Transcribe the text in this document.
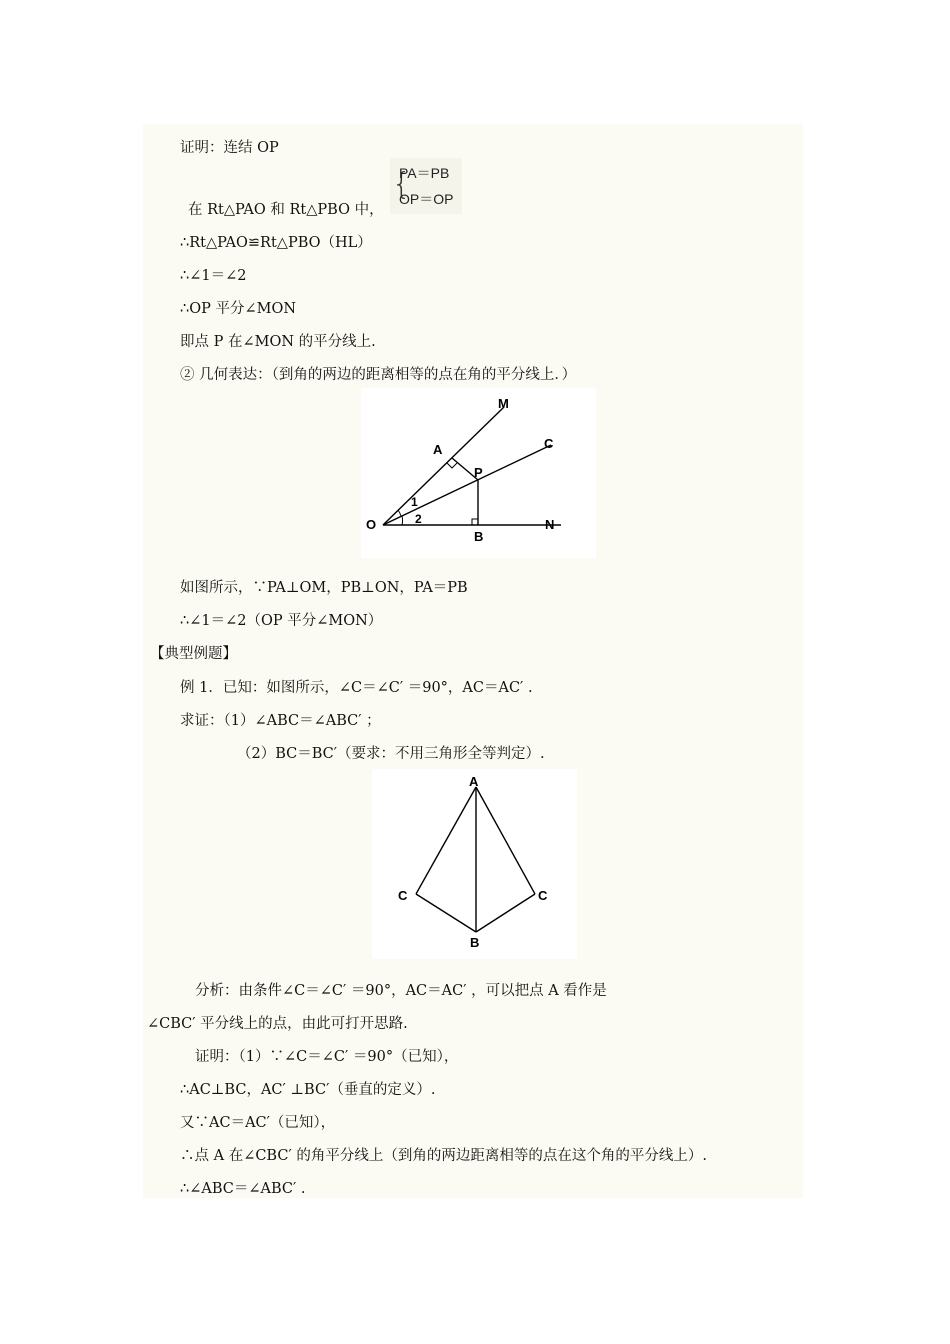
证明：连结 OP
{
PA＝PB
OP＝OP
在 Rt△PAO 和 Rt△PBO 中，
∴Rt△PAO≌Rt△PBO（HL）
∴∠1＝∠2
∴OP 平分∠MON
即点 P 在∠MON 的平分线上.
② 几何表达：（到角的两边的距离相等的点在角的平分线上．）
M
C
A
P
O	N
B
1
2
如图所示，∵PA⊥OM，PB⊥ON，PA＝PB
∴∠1＝∠2（OP 平分∠MON）
【典型例题】
例 1．已知：如图所示，∠C＝∠C′ ＝90°，AC＝AC′ .
求证：（1）∠ABC＝∠ABC′ ；
（2）BC＝BC′（要求：不用三角形全等判定）.
A
C	C
B
分析：由条件∠C＝∠C′ ＝90°，AC＝AC′ ，可以把点 A 看作是
∠CBC′ 平分线上的点，由此可打开思路.
证明：（1）∵∠C＝∠C′ ＝90°（已知），
∴AC⊥BC，AC′ ⊥BC′（垂直的定义）.
又∵AC＝AC′（已知），
∴点 A 在∠CBC′ 的角平分线上（到角的两边距离相等的点在这个角的平分线上）.
∴∠ABC＝∠ABC′ .
